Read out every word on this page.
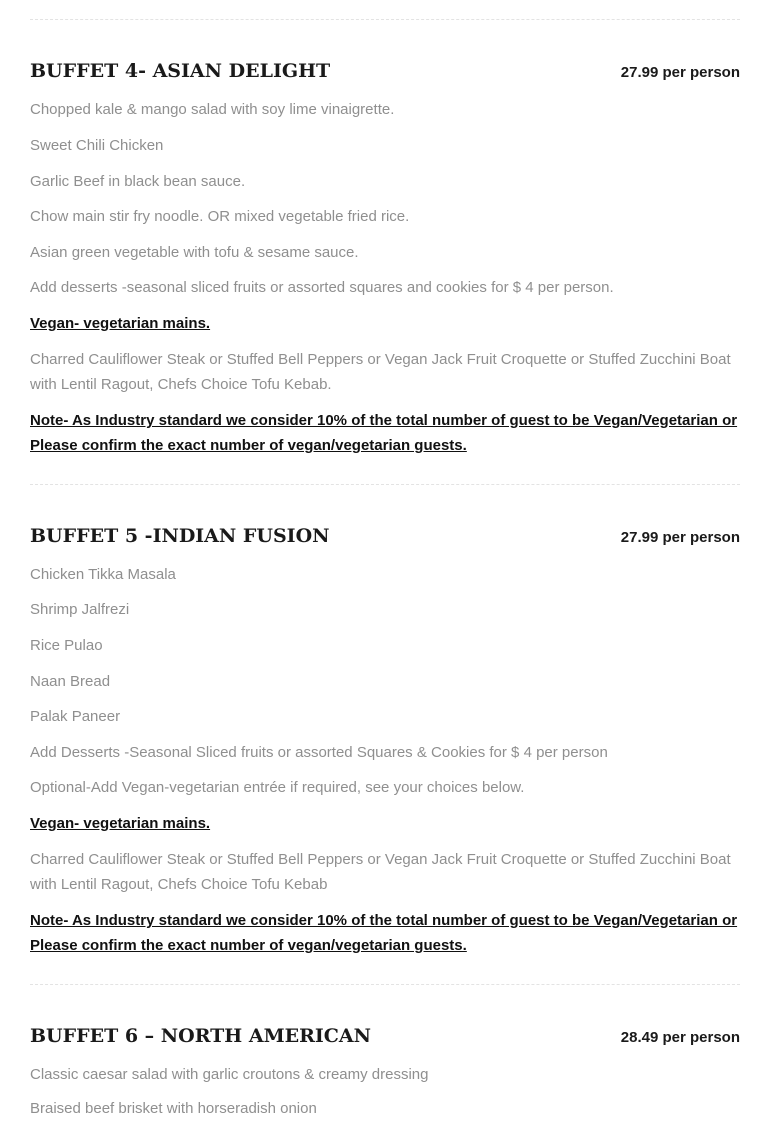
BUFFET 4- ASIAN DELIGHT	27.99 per person

Chopped kale & mango salad with soy lime vinaigrette.

Sweet Chili Chicken

Garlic Beef in black bean sauce.

Chow main stir fry noodle. OR mixed vegetable fried rice.

Asian green vegetable with tofu & sesame sauce.

Add desserts -seasonal sliced fruits or assorted squares and cookies for $ 4 per person.

Vegan- vegetarian mains.

Charred Cauliflower Steak or Stuffed Bell Peppers or Vegan Jack Fruit Croquette or Stuffed Zucchini Boat with Lentil Ragout, Chefs Choice Tofu Kebab.

Note- As Industry standard we consider 10% of the total number of guest to be Vegan/Vegetarian or Please confirm the exact number of vegan/vegetarian guests.

BUFFET 5 -INDIAN FUSION	27.99 per person

Chicken Tikka Masala

Shrimp Jalfrezi

Rice Pulao

Naan Bread

Palak Paneer

Add Desserts -Seasonal Sliced fruits or assorted Squares & Cookies for $ 4 per person

Optional-Add Vegan-vegetarian entrée if required, see your choices below.

Vegan- vegetarian mains.

Charred Cauliflower Steak or Stuffed Bell Peppers or Vegan Jack Fruit Croquette or Stuffed Zucchini Boat with Lentil Ragout, Chefs Choice Tofu Kebab

Note- As Industry standard we consider 10% of the total number of guest to be Vegan/Vegetarian or Please confirm the exact number of vegan/vegetarian guests.

BUFFET 6 – NORTH AMERICAN	28.49 per person

Classic caesar salad with garlic croutons & creamy dressing

Braised beef brisket with horseradish onion
